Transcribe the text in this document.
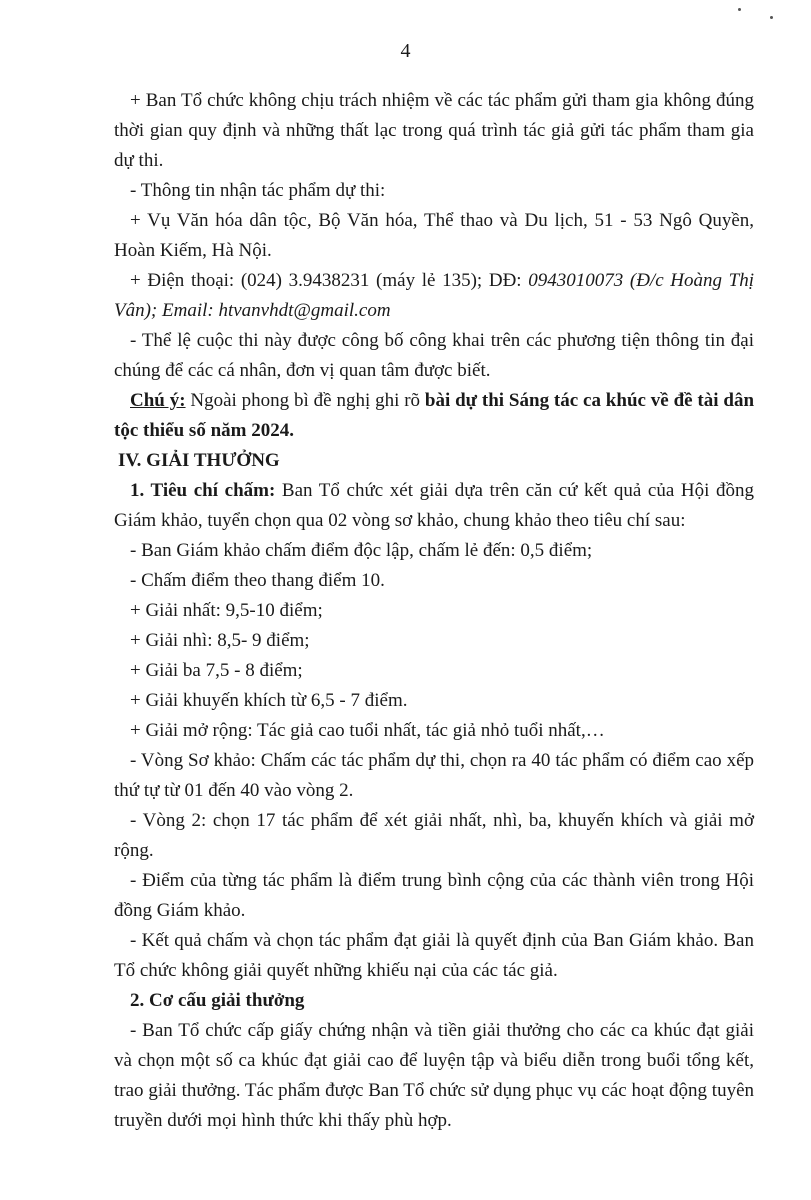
4

+ Ban Tổ chức không chịu trách nhiệm về các tác phẩm gửi tham gia không đúng thời gian quy định và những thất lạc trong quá trình tác giả gửi tác phẩm tham gia dự thi.

- Thông tin nhận tác phẩm dự thi:

+ Vụ Văn hóa dân tộc, Bộ Văn hóa, Thể thao và Du lịch, 51 - 53 Ngô Quyền, Hoàn Kiếm, Hà Nội.

+ Điện thoại: (024) 3.9438231 (máy lẻ 135); DĐ: 0943010073 (Đ/c Hoàng Thị Vân); Email: htvanvhdt@gmail.com

- Thể lệ cuộc thi này được công bố công khai trên các phương tiện thông tin đại chúng để các cá nhân, đơn vị quan tâm được biết.

Chú ý: Ngoài phong bì đề nghị ghi rõ bài dự thi Sáng tác ca khúc về đề tài dân tộc thiểu số năm 2024.

IV. GIẢI THƯỞNG

1. Tiêu chí chấm: Ban Tổ chức xét giải dựa trên căn cứ kết quả của Hội đồng Giám khảo, tuyển chọn qua 02 vòng sơ khảo, chung khảo theo tiêu chí sau:

- Ban Giám khảo chấm điểm độc lập, chấm lẻ đến: 0,5 điểm;

- Chấm điểm theo thang điểm 10.

+ Giải nhất: 9,5-10 điểm;

+ Giải nhì: 8,5- 9 điểm;

+ Giải ba 7,5 - 8 điểm;

+ Giải khuyến khích từ 6,5 - 7 điểm.

+ Giải mở rộng: Tác giả cao tuổi nhất, tác giả nhỏ tuổi nhất,…

- Vòng Sơ khảo: Chấm các tác phẩm dự thi, chọn ra 40 tác phẩm có điểm cao xếp thứ tự từ 01 đến 40 vào vòng 2.

- Vòng 2: chọn 17 tác phẩm để xét giải nhất, nhì, ba, khuyến khích và giải mở rộng.

- Điểm của từng tác phẩm là điểm trung bình cộng của các thành viên trong Hội đồng Giám khảo.

- Kết quả chấm và chọn tác phẩm đạt giải là quyết định của Ban Giám khảo. Ban Tổ chức không giải quyết những khiếu nại của các tác giả.

2. Cơ cấu giải thưởng

- Ban Tổ chức cấp giấy chứng nhận và tiền giải thưởng cho các ca khúc đạt giải và chọn một số ca khúc đạt giải cao để luyện tập và biểu diễn trong buổi tổng kết, trao giải thưởng. Tác phẩm được Ban Tổ chức sử dụng phục vụ các hoạt động tuyên truyền dưới mọi hình thức khi thấy phù hợp.
